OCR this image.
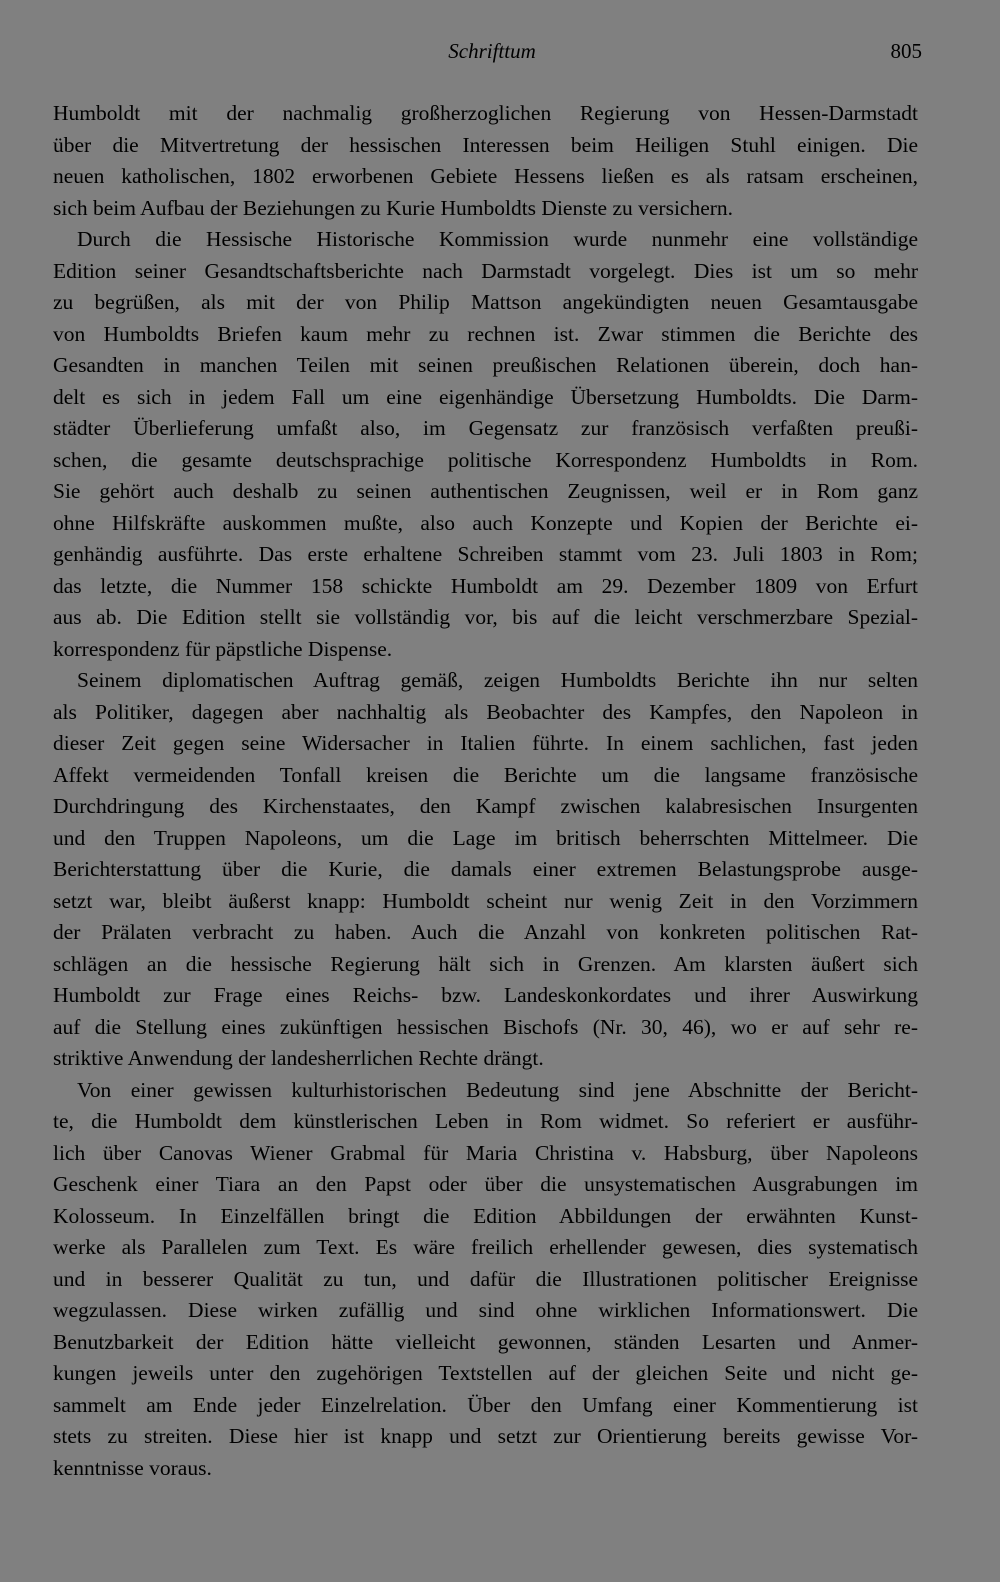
Schrifttum	805
Humboldt mit der nachmalig großherzoglichen Regierung von Hessen-Darmstadt
über die Mitvertretung der hessischen Interessen beim Heiligen Stuhl einigen. Die
neuen katholischen, 1802 erworbenen Gebiete Hessens ließen es als ratsam erscheinen,
sich beim Aufbau der Beziehungen zu Kurie Humboldts Dienste zu versichern.
Durch die Hessische Historische Kommission wurde nunmehr eine vollständige
Edition seiner Gesandtschaftsberichte nach Darmstadt vorgelegt. Dies ist um so mehr
zu begrüßen, als mit der von Philip Mattson angekündigten neuen Gesamtausgabe
von Humboldts Briefen kaum mehr zu rechnen ist. Zwar stimmen die Berichte des
Gesandten in manchen Teilen mit seinen preußischen Relationen überein, doch han-
delt es sich in jedem Fall um eine eigenhändige Übersetzung Humboldts. Die Darm-
städter Überlieferung umfaßt also, im Gegensatz zur französisch verfaßten preußi-
schen, die gesamte deutschsprachige politische Korrespondenz Humboldts in Rom.
Sie gehört auch deshalb zu seinen authentischen Zeugnissen, weil er in Rom ganz
ohne Hilfskräfte auskommen mußte, also auch Konzepte und Kopien der Berichte ei-
genhändig ausführte. Das erste erhaltene Schreiben stammt vom 23. Juli 1803 in Rom;
das letzte, die Nummer 158 schickte Humboldt am 29. Dezember 1809 von Erfurt
aus ab. Die Edition stellt sie vollständig vor, bis auf die leicht verschmerzbare Spezial-
korrespondenz für päpstliche Dispense.
Seinem diplomatischen Auftrag gemäß, zeigen Humboldts Berichte ihn nur selten
als Politiker, dagegen aber nachhaltig als Beobachter des Kampfes, den Napoleon in
dieser Zeit gegen seine Widersacher in Italien führte. In einem sachlichen, fast jeden
Affekt vermeidenden Tonfall kreisen die Berichte um die langsame französische
Durchdringung des Kirchenstaates, den Kampf zwischen kalabresischen Insurgenten
und den Truppen Napoleons, um die Lage im britisch beherrschten Mittelmeer. Die
Berichterstattung über die Kurie, die damals einer extremen Belastungsprobe ausge-
setzt war, bleibt äußerst knapp: Humboldt scheint nur wenig Zeit in den Vorzimmern
der Prälaten verbracht zu haben. Auch die Anzahl von konkreten politischen Rat-
schlägen an die hessische Regierung hält sich in Grenzen. Am klarsten äußert sich
Humboldt zur Frage eines Reichs- bzw. Landeskonkordates und ihrer Auswirkung
auf die Stellung eines zukünftigen hessischen Bischofs (Nr. 30, 46), wo er auf sehr re-
striktive Anwendung der landesherrlichen Rechte drängt.
Von einer gewissen kulturhistorischen Bedeutung sind jene Abschnitte der Bericht-
te, die Humboldt dem künstlerischen Leben in Rom widmet. So referiert er ausführ-
lich über Canovas Wiener Grabmal für Maria Christina v. Habsburg, über Napoleons
Geschenk einer Tiara an den Papst oder über die unsystematischen Ausgrabungen im
Kolosseum. In Einzelfällen bringt die Edition Abbildungen der erwähnten Kunst-
werke als Parallelen zum Text. Es wäre freilich erhellender gewesen, dies systematisch
und in besserer Qualität zu tun, und dafür die Illustrationen politischer Ereignisse
wegzulassen. Diese wirken zufällig und sind ohne wirklichen Informationswert. Die
Benutzbarkeit der Edition hätte vielleicht gewonnen, ständen Lesarten und Anmer-
kungen jeweils unter den zugehörigen Textstellen auf der gleichen Seite und nicht ge-
sammelt am Ende jeder Einzelrelation. Über den Umfang einer Kommentierung ist
stets zu streiten. Diese hier ist knapp und setzt zur Orientierung bereits gewisse Vor-
kenntnisse voraus.
